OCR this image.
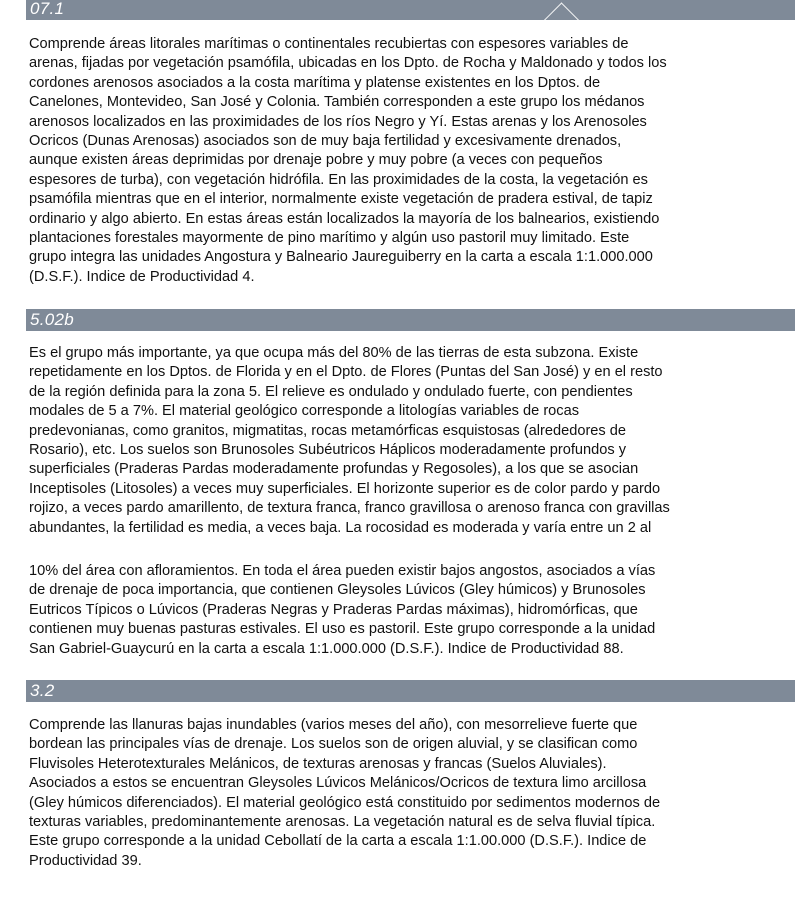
07.1

Comprende áreas litorales marítimas o continentales recubiertas con espesores variables de
arenas, fijadas por vegetación psamófila, ubicadas en los Dpto. de Rocha y Maldonado y todos los
cordones arenosos asociados a la costa marítima y platense existentes en los Dptos. de
Canelones, Montevideo, San José y Colonia. También corresponden a este grupo los médanos
arenosos localizados en las proximidades de los ríos Negro y Yí. Estas arenas y los Arenosoles
Ocricos (Dunas Arenosas) asociados son de muy baja fertilidad y excesivamente drenados,
aunque existen áreas deprimidas por drenaje pobre y muy pobre (a veces con pequeños
espesores de turba), con vegetación hidrófila. En las proximidades de la costa, la vegetación es
psamófila mientras que en el interior, normalmente existe vegetación de pradera estival, de tapiz
ordinario y algo abierto. En estas áreas están localizados la mayoría de los balnearios, existiendo
plantaciones forestales mayormente de pino marítimo y algún uso pastoril muy limitado. Este
grupo integra las unidades Angostura y Balneario Jaureguiberry en la carta a escala 1:1.000.000
(D.S.F.). Indice de Productividad 4.

5.02b

Es el grupo más importante, ya que ocupa más del 80% de las tierras de esta subzona. Existe
repetidamente en los Dptos. de Florida y en el Dpto. de Flores (Puntas del San José) y en el resto
de la región definida para la zona 5. El relieve es ondulado y ondulado fuerte, con pendientes
modales de 5 a 7%. El material geológico corresponde a litologías variables de rocas
predevonianas, como granitos, migmatitas, rocas metamórficas esquistosas (alrededores de
Rosario), etc. Los suelos son Brunosoles Subéutricos Háplicos moderadamente profundos y
superficiales (Praderas Pardas moderadamente profundas y Regosoles), a los que se asocian
Inceptisoles (Litosoles) a veces muy superficiales. El horizonte superior es de color pardo y pardo
rojizo, a veces pardo amarillento, de textura franca, franco gravillosa o arenoso franca con gravillas
abundantes, la fertilidad es media, a veces baja. La rocosidad es moderada y varía entre un 2 al

10% del área con afloramientos. En toda el área pueden existir bajos angostos, asociados a vías
de drenaje de poca importancia, que contienen Gleysoles Lúvicos (Gley húmicos) y Brunosoles
Eutricos Típicos o Lúvicos (Praderas Negras y Praderas Pardas máximas), hidromórficas, que
contienen muy buenas pasturas estivales. El uso es pastoril. Este grupo corresponde a la unidad
San Gabriel-Guaycurú en la carta a escala 1:1.000.000 (D.S.F.). Indice de Productividad 88.

3.2

Comprende las llanuras bajas inundables (varios meses del año), con mesorrelieve fuerte que
bordean las principales vías de drenaje. Los suelos son de origen aluvial, y se clasifican como
Fluvisoles Heterotexturales Melánicos, de texturas arenosas y francas (Suelos Aluviales).
Asociados a estos se encuentran Gleysoles Lúvicos Melánicos/Ocricos de textura limo arcillosa
(Gley húmicos diferenciados). El material geológico está constituido por sedimentos modernos de
texturas variables, predominantemente arenosas. La vegetación natural es de selva fluvial típica.
Este grupo corresponde a la unidad Cebollatí de la carta a escala 1:1.00.000 (D.S.F.). Indice de
Productividad 39.
